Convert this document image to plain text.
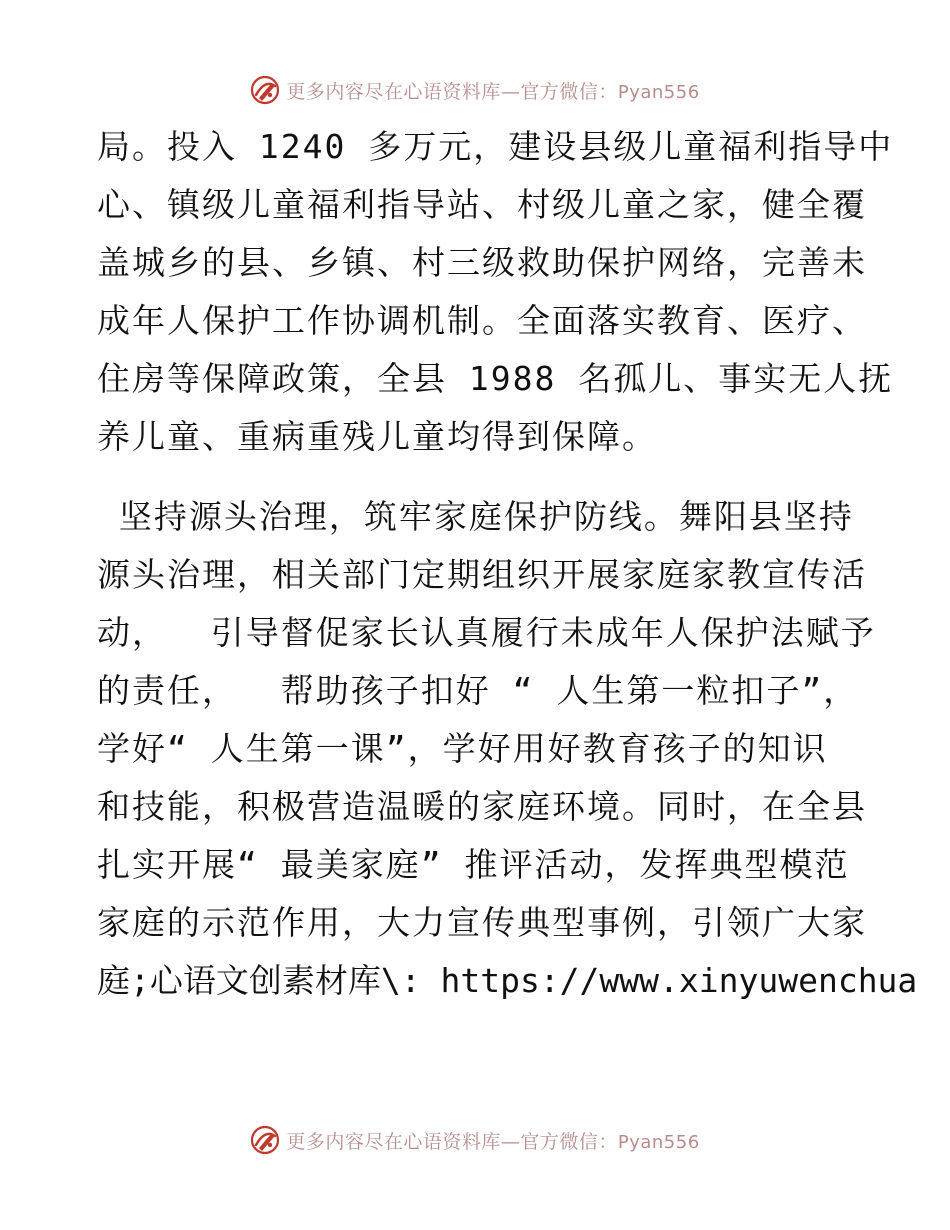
更多内容尽在心语资料库—官方微信：Pyan556
局。投入 1240 多万元，建设县级儿童福利指导中
心、镇级儿童福利指导站、村级儿童之家，健全覆
盖城乡的县、乡镇、村三级救助保护网络，完善未
成年人保护工作协调机制。全面落实教育、医疗、
住房等保障政策，全县 1988 名孤儿、事实无人抚
养儿童、重病重残儿童均得到保障。
坚持源头治理，筑牢家庭保护防线。舞阳县坚持
源头治理，相关部门定期组织开展家庭家教宣传活
动，  引导督促家长认真履行未成年人保护法赋予
的责任，  帮助孩子扣好 “ 人生第一粒扣子”，
学好“ 人生第一课”，学好用好教育孩子的知识
和技能，积极营造温暖的家庭环境。同时，在全县
扎实开展“ 最美家庭” 推评活动，发挥典型模范
家庭的示范作用，大力宣传典型事例，引领广大家
庭;心语文创素材库\: https://www.xinyuwenchua
更多内容尽在心语资料库—官方微信：Pyan556
